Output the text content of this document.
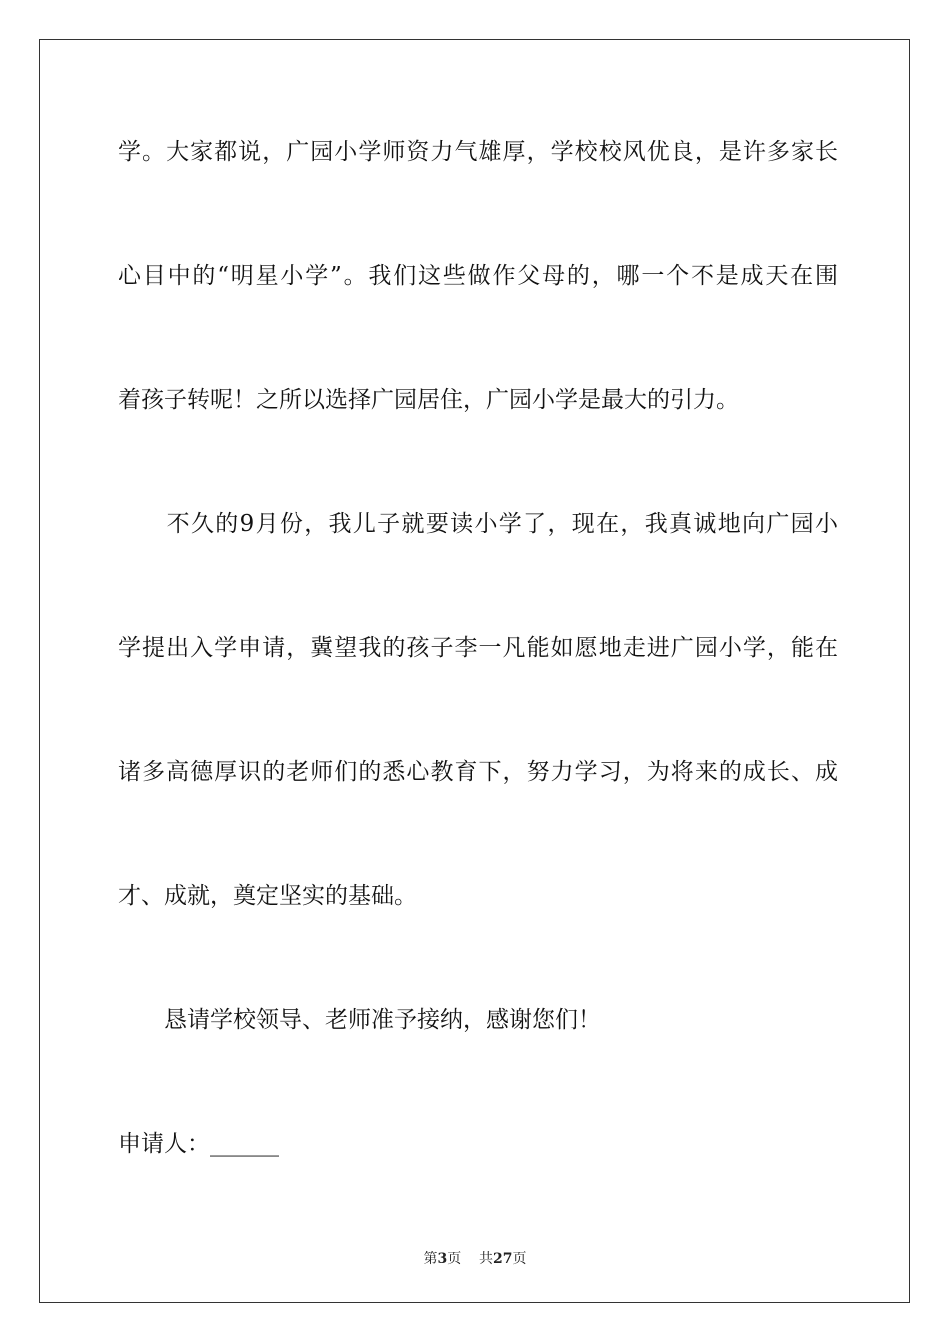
学。大家都说，广园小学师资力气雄厚，学校校风优良，是许多家长
心目中的“明星小学”。我们这些做作父母的，哪一个不是成天在围
着孩子转呢！之所以选择广园居住，广园小学是最大的引力。
　　不久的9月份，我儿子就要读小学了，现在，我真诚地向广园小
学提出入学申请，冀望我的孩子李一凡能如愿地走进广园小学，能在
诸多高德厚识的老师们的悉心教育下，努力学习，为将来的成长、成
才、成就，奠定坚实的基础。
　　恳请学校领导、老师准予接纳，感谢您们！
申请人：______
第3页 共27页
